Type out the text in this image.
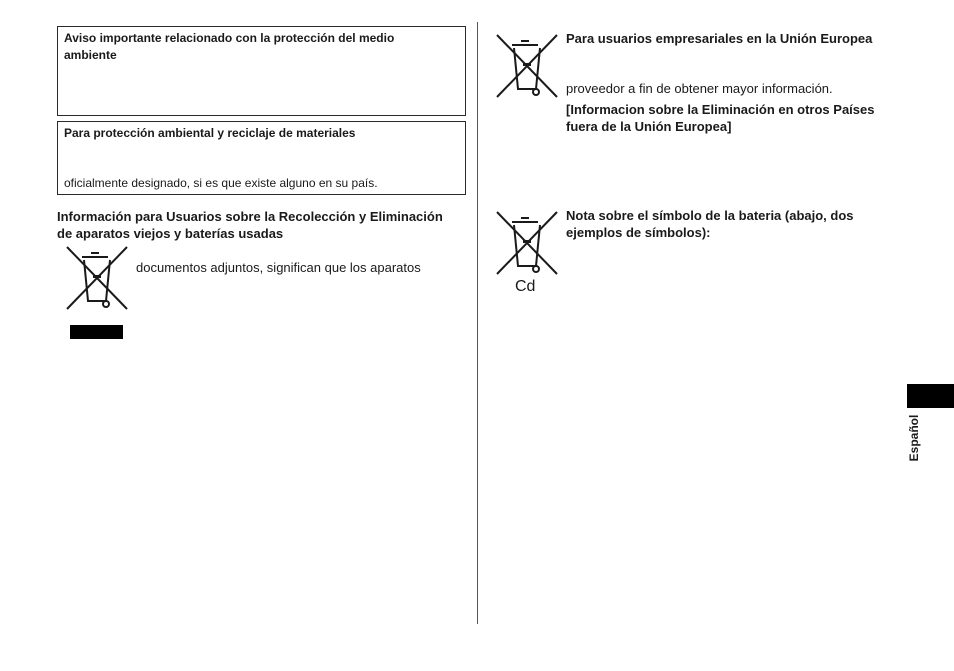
Aviso importante relacionado con la protección del medio
ambiente
Para protección ambiental y reciclaje de materiales
oficialmente designado, si es que existe alguno en su país.
Información para Usuarios sobre la Recolección y Eliminación
de aparatos viejos y baterías usadas
documentos adjuntos, significan que los aparatos
Para usuarios empresariales en la Unión Europea
proveedor a fin de obtener mayor información.
[Informacion sobre la Eliminación en otros Países
fuera de la Unión Europea]
Cd
Nota sobre el símbolo de la bateria (abajo, dos
ejemplos de símbolos):
Español
